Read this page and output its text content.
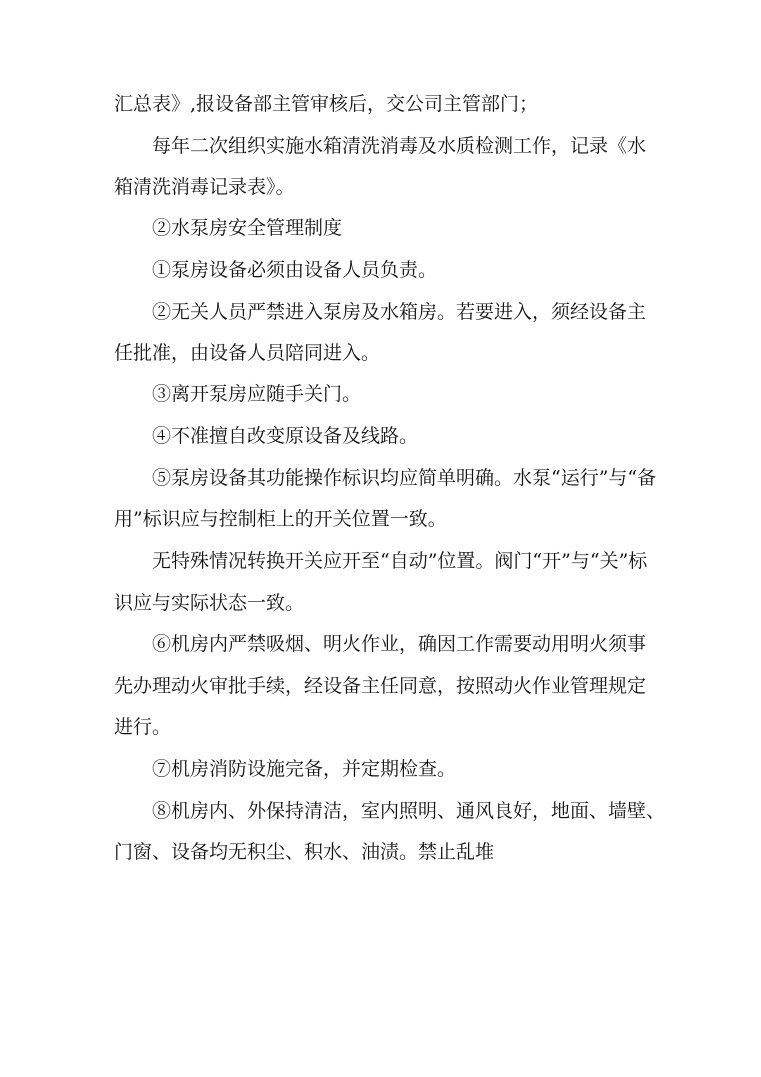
汇总表》,报设备部主管审核后，交公司主管部门；
每年二次组织实施水箱清洗消毒及水质检测工作，记录《水
箱清洗消毒记录表》。
②水泵房安全管理制度
①泵房设备必须由设备人员负责。
②无关人员严禁进入泵房及水箱房。若要进入，须经设备主
任批准，由设备人员陪同进入。
③离开泵房应随手关门。
④不准擅自改变原设备及线路。
⑤泵房设备其功能操作标识均应简单明确。水泵“运行”与“备
用”标识应与控制柜上的开关位置一致。
无特殊情况转换开关应开至“自动”位置。阀门“开”与“关”标
识应与实际状态一致。
⑥机房内严禁吸烟、明火作业，确因工作需要动用明火须事
先办理动火审批手续，经设备主任同意，按照动火作业管理规定
进行。
⑦机房消防设施完备，并定期检查。
⑧机房内、外保持清洁，室内照明、通风良好，地面、墙壁、
门窗、设备均无积尘、积水、油渍。禁止乱堆
